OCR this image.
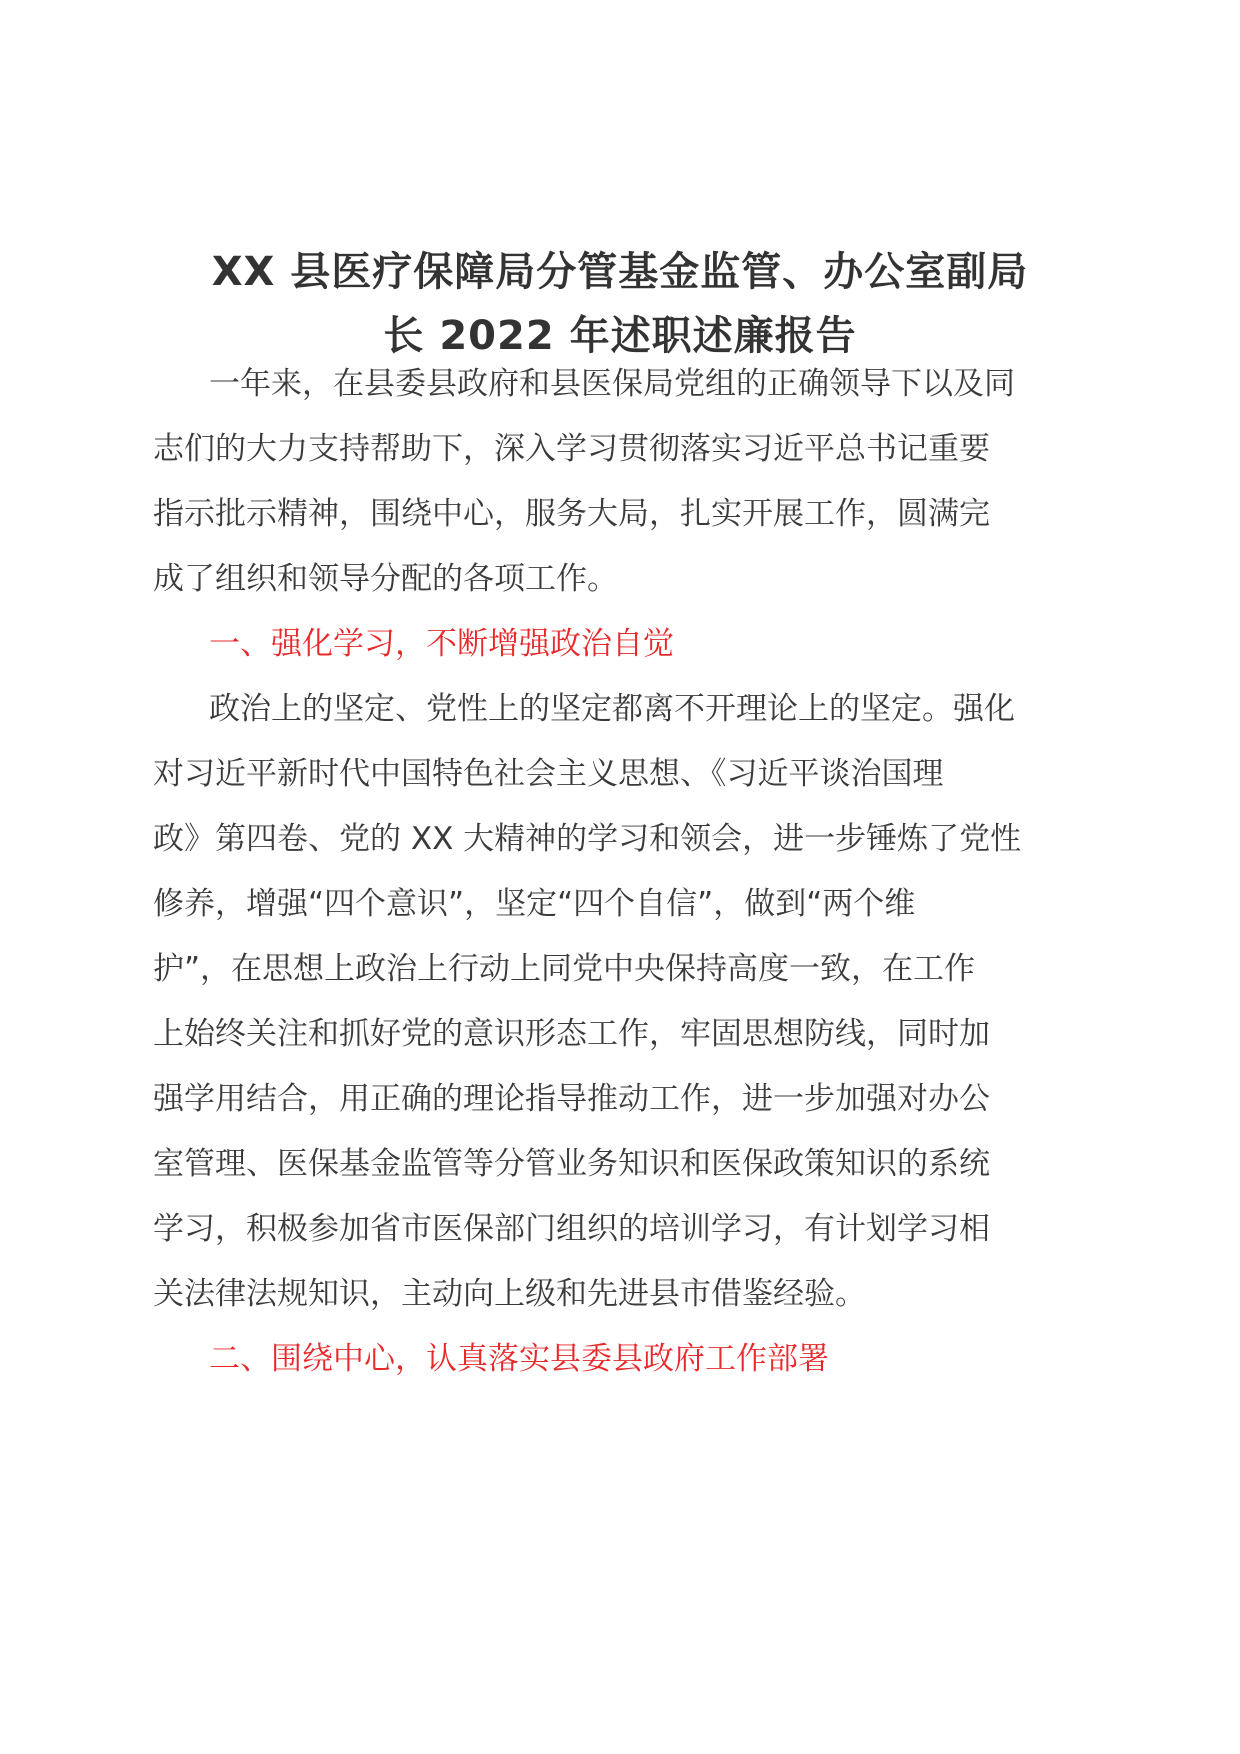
XX 县医疗保障局分管基金监管、办公室副局
长 2022 年述职述廉报告
一年来，在县委县政府和县医保局党组的正确领导下以及同
志们的大力支持帮助下，深入学习贯彻落实习近平总书记重要
指示批示精神，围绕中心，服务大局，扎实开展工作，圆满完
成了组织和领导分配的各项工作。
一、强化学习，不断增强政治自觉
政治上的坚定、党性上的坚定都离不开理论上的坚定。强化
对习近平新时代中国特色社会主义思想、《习近平谈治国理
政》第四卷、党的 XX 大精神的学习和领会，进一步锤炼了党性
修养，增强“四个意识”，坚定“四个自信”，做到“两个维
护”，在思想上政治上行动上同党中央保持高度一致，在工作
上始终关注和抓好党的意识形态工作，牢固思想防线，同时加
强学用结合，用正确的理论指导推动工作，进一步加强对办公
室管理、医保基金监管等分管业务知识和医保政策知识的系统
学习，积极参加省市医保部门组织的培训学习，有计划学习相
关法律法规知识，主动向上级和先进县市借鉴经验。
二、围绕中心，认真落实县委县政府工作部署
